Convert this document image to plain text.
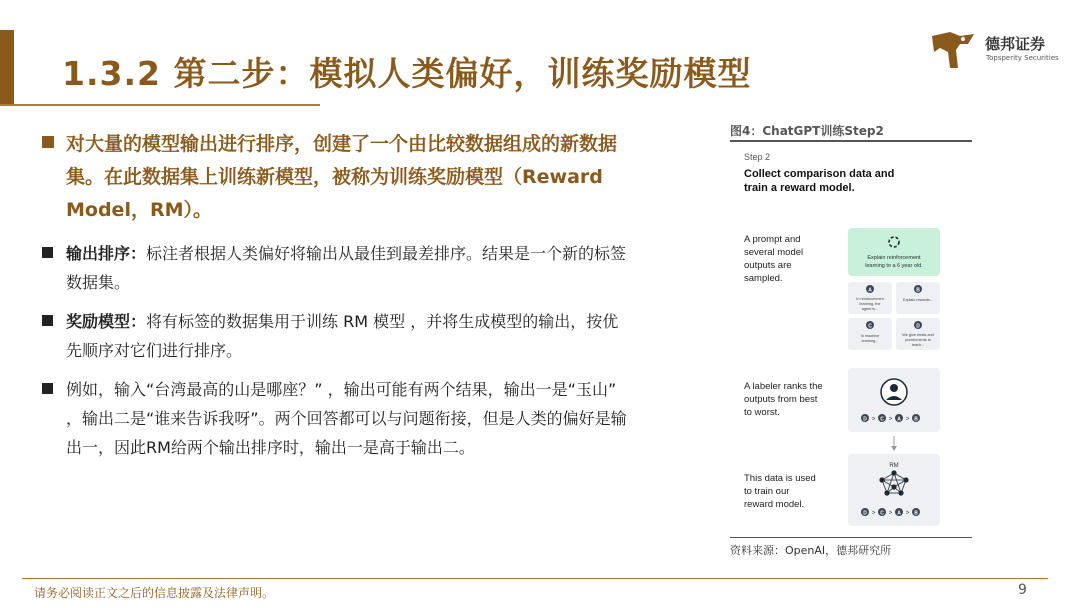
1.3.2 第二步：模拟人类偏好，训练奖励模型
德邦证券
Topsperity Securities

对大量的模型输出进行排序，创建了一个由比较数据组成的新数据集。在此数据集上训练新模型，被称为训练奖励模型（Reward Model，RM）。

输出排序：标注者根据人类偏好将输出从最佳到最差排序。结果是一个新的标签数据集。

奖励模型：将有标签的数据集用于训练 RM 模型 ，并将生成模型的输出，按优先顺序对它们进行排序。

例如，输入“台湾最高的山是哪座？” ，输出可能有两个结果，输出一是“玉山” ，输出二是“谁来告诉我呀”。两个回答都可以与问题衔接，但是人类的偏好是输出一，因此RM给两个输出排序时，输出一是高于输出二。

图4：ChatGPT训练Step2
Step 2
Collect comparison data and
train a reward model.
A prompt and
several model
outputs are
sampled.
Explain reinforcement
learning to a 6 year old.
A
In reinforcement
learning, the
agent is...
B
Explain rewards...
C
In machine
learning...
D
We give treats and
punishments to
teach...
A labeler ranks the
outputs from best
to worst.
D > C > A > B
This data is used
to train our
reward model.
RM
D > C > A > B
资料来源：OpenAI，德邦研究所
请务必阅读正文之后的信息披露及法律声明。	9
